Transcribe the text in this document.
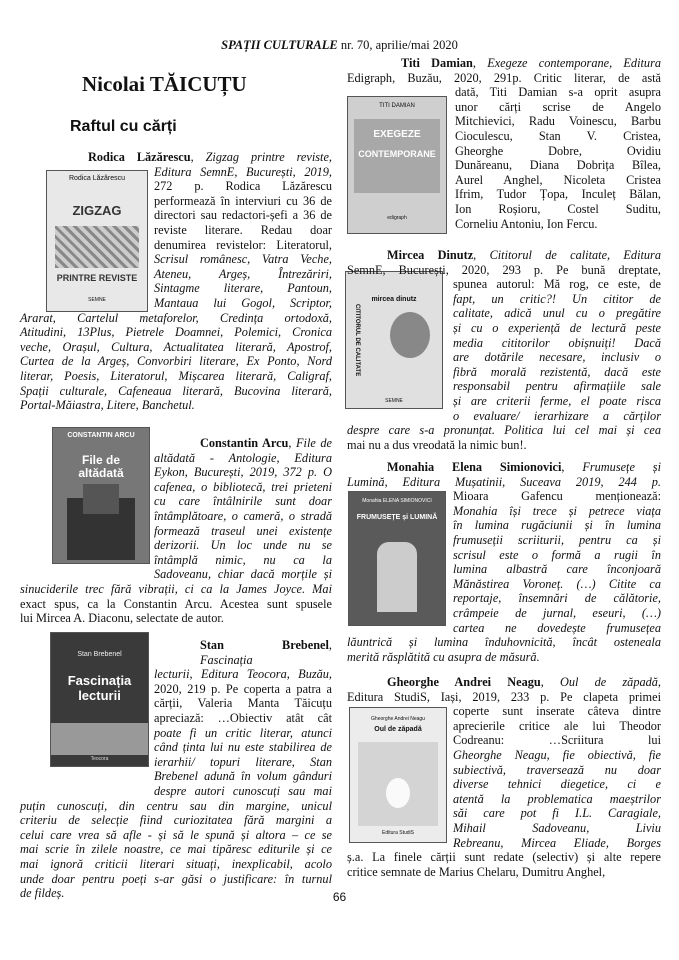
SPAȚII CULTURALE nr. 70, aprilie/mai 2020
Nicolai TĂICUȚU
Raftul cu cărți
Rodica Lăzărescu
ZIGZAG
PRINTRE REVISTE
SEMNE
CONSTANTIN ARCU
File de altădată
Stan Brebenel
Fascinația lecturii
Teocora
TITI DAMIAN
EXEGEZE
CONTEMPORANE
edigraph
mircea dinutz
CITITORUL DE CALITATE
SEMNE
Monahia ELENA SIMIONOVICI
FRUMUSEȚE și LUMINĂ
Gheorghe Andrei Neagu
Oul de zăpadă
Editura StudiS
Rodica Lăzărescu, Zigzag printre reviste,
Editura SemnE, București, 2019,
272 p. Rodica Lăzărescu
performează în interviuri cu 36 de
directori sau redactori-șefi a 36 de
reviste literare. Redau doar
denumirea revistelor: Literatorul,
Scrisul românesc, Vatra Veche,
Ateneu, Argeș, Întrezăriri,
Sintagme literare, Pantoun,
Mantaua lui Gogol, Scriptor,
Ararat, Cartelul metaforelor, Credința ortodoxă,
Atitudini, 13Plus, Pietrele Doamnei, Polemici, Cronica
veche, Orașul, Cultura, Actualitatea literară, Apostrof,
Curtea de la Argeș, Convorbiri literare, Ex Ponto, Nord
literar, Poesis, Literatorul, Mișcarea literară, Caligraf,
Spații culturale, Cafeneaua literară, Bucovina literară,
Portal-Măiastra, Litere, Banchetul.
Constantin Arcu, File de
altădată - Antologie, Editura
Eykon, București, 2019, 372 p. O
cafenea, o bibliotecă, trei prieteni
cu care întâlnirile sunt doar
întâmplătoare, o cameră, o stradă
formează traseul unei existențe
derizorii. Un loc unde nu se
întâmplă nimic, nu ca la
Sadoveanu, chiar dacă morțile și
sinuciderile trec fără vibrații, ci ca la James Joyce. Mai
exact spus, ca la Constantin Arcu. Acestea sunt spusele
lui Mircea A. Diaconu, selectate de autor.
Stan Brebenel, Fascinația
lecturii, Editura Teocora, Buzău,
2020, 219 p. Pe coperta a patra a
cărții, Valeria Manta Tăicuțu
apreciază: …Obiectiv atât cât
poate fi un critic literar, atunci
când ținta lui nu este stabilirea de
ierarhii/ topuri literare, Stan
Brebenel adună în volum gânduri
despre autori cunoscuți sau mai
puțin cunoscuți, din centru sau din margine, unicul
criteriu de selecție fiind curiozitatea fără margini a
celui care vrea să afle - și să le spună și altora – ce se
mai scrie în zilele noastre, ce mai tipăresc editurile și ce
mai ignoră criticii literari situați, inexplicabil, acolo
unde doar pentru poeți s-ar găsi o justificare: în turnul
de fildeș.
Titi Damian, Exegeze contemporane, Editura
Edigraph, Buzău, 2020, 291p. Critic literar, de astă
dată, Titi Damian s-a oprit asupra
unor cărți scrise de Angelo
Mitchievici, Radu Voinescu, Barbu
Cioculescu, Stan V. Cristea,
Gheorghe Dobre, Ovidiu
Dunăreanu, Diana Dobrița Bîlea,
Aurel Anghel, Nicoleta Cristea
Ifrim, Tudor Țopa, Inculeț Bălan,
Ion Roșioru, Costel Suditu,
Corneliu Antoniu, Ion Fercu.
Mircea Dinutz, Cititorul de calitate, Editura
SemnE, București, 2020, 293 p. Pe bună dreptate,
spunea autorul: Mă rog, ce este, de
fapt, un critic?! Un cititor de
calitate, adică unul cu o pregătire
și cu o experiență de lectură peste
media cititorilor obișnuiți! Dacă
are dotările necesare, inclusiv o
fibră morală rezistentă, dacă este
responsabil pentru afirmațiile sale
și are criterii ferme, el poate risca
o evaluare/ ierarhizare a cărților
despre care s-a pronunțat. Politica lui cel mai și cea
mai nu a dus vreodată la nimic bun!.
Monahia Elena Simionovici, Frumusețe și
Lumină, Editura Mușatinii, Suceava 2019, 244 p.
Mioara Gafencu menționează:
Monahia își trece și petrece viața
în lumina rugăciunii și în lumina
frumuseții scriiturii, pentru ca și
scrisul este o formă a rugii în
lumina albastră care înconjoară
Mănăstirea Voroneț. (…) Citite ca
reportaje, însemnări de călătorie,
crâmpeie de jurnal, eseuri, (…)
cartea ne dovedește frumusețea
lăuntrică și lumina înduhovnicită, încât osteneala
merită răsplătită cu asupra de măsură.
Gheorghe Andrei Neagu, Oul de zăpadă,
Editura StudiS, Iași, 2019, 233 p. Pe clapeta primei
coperte sunt inserate câteva dintre
aprecierile critice ale lui Theodor
Codreanu: …Scriitura lui
Gheorghe Neagu, fie obiectivă, fie
subiectivă, traversează nu doar
diverse tehnici diegetice, ci e
atentă la problematica maeștrilor
săi care pot fi I.L. Caragiale,
Mihail Sadoveanu, Liviu
Rebreanu, Mircea Eliade, Borges
ș.a. La finele cărții sunt redate (selectiv) și alte repere
critice semnate de Marius Chelaru, Dumitru Anghel,
66
